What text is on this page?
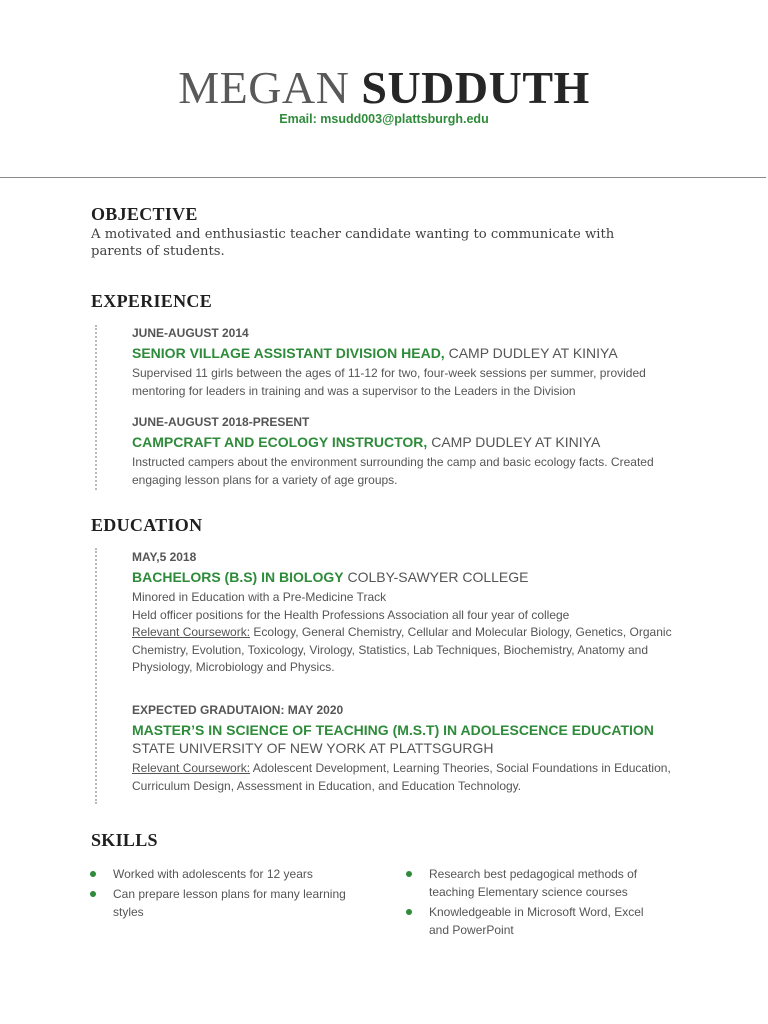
MEGAN SUDDUTH
Email: msudd003@plattsburgh.edu
OBJECTIVE
A motivated and enthusiastic teacher candidate wanting to communicate with parents of students.
EXPERIENCE
JUNE-AUGUST 2014
SENIOR VILLAGE ASSISTANT DIVISION HEAD, CAMP DUDLEY AT KINIYA
Supervised 11 girls between the ages of 11-12 for two, four-week sessions per summer, provided mentoring for leaders in training and was a supervisor to the Leaders in the Division
JUNE-AUGUST 2018-PRESENT
CAMPCRAFT AND ECOLOGY INSTRUCTOR, CAMP DUDLEY AT KINIYA
Instructed campers about the environment surrounding the camp and basic ecology facts. Created engaging lesson plans for a variety of age groups.
EDUCATION
MAY,5 2018
BACHELORS (B.S) IN BIOLOGY COLBY-SAWYER COLLEGE
Minored in Education with a Pre-Medicine Track
Held officer positions for the Health Professions Association all four year of college
Relevant Coursework: Ecology, General Chemistry, Cellular and Molecular Biology, Genetics, Organic Chemistry, Evolution, Toxicology, Virology, Statistics, Lab Techniques, Biochemistry, Anatomy and Physiology, Microbiology and Physics.
EXPECTED GRADUTAION: MAY 2020
MASTER’S IN SCIENCE OF TEACHING (M.S.T) IN ADOLESCENCE EDUCATION STATE UNIVERSITY OF NEW YORK AT PLATTSGURGH
Relevant Coursework: Adolescent Development, Learning Theories, Social Foundations in Education, Curriculum Design, Assessment in Education, and Education Technology.
SKILLS
Worked with adolescents for 12 years
Can prepare lesson plans for many learning styles
Research best pedagogical methods of teaching Elementary science courses
Knowledgeable in Microsoft Word, Excel and PowerPoint
